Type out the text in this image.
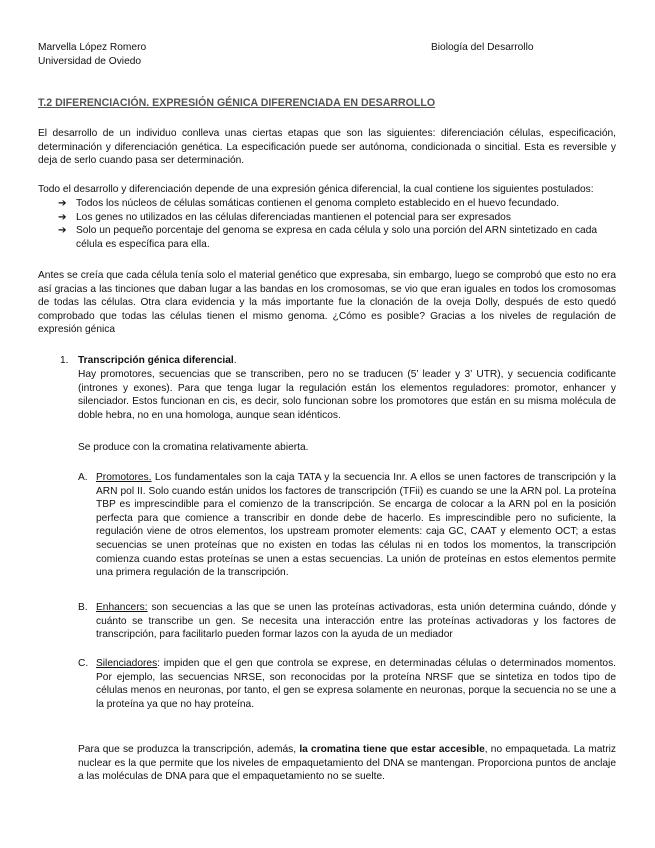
Marvella López Romero
Universidad de Oviedo
Biología del Desarrollo
T.2 DIFERENCIACIÓN. EXPRESIÓN GÉNICA DIFERENCIADA EN DESARROLLO

El desarrollo de un individuo conlleva unas ciertas etapas que son las siguientes: diferenciación células, especificación, determinación y diferenciación genética. La especificación puede ser autónoma, condicionada o sincitial. Esta es reversible y deja de serlo cuando pasa ser determinación.

Todo el desarrollo y diferenciación depende de una expresión génica diferencial, la cual contiene los siguientes postulados:

➔ Todos los núcleos de células somáticas contienen el genoma completo establecido en el huevo fecundado.
➔ Los genes no utilizados en las células diferenciadas mantienen el potencial para ser expresados
➔ Solo un pequeño porcentaje del genoma se expresa en cada célula y solo una porción del ARN sintetizado en cada célula es específica para ella.

Antes se creía que cada célula tenía solo el material genético que expresaba, sin embargo, luego se comprobó que esto no era así gracias a las tinciones que daban lugar a las bandas en los cromosomas, se vio que eran iguales en todos los cromosomas de todas las células. Otra clara evidencia y la más importante fue la clonación de la oveja Dolly, después de esto quedó comprobado que todas las células tienen el mismo genoma. ¿Cómo es posible? Gracias a los niveles de regulación de expresión génica

1. Transcripción génica diferencial.

Hay promotores, secuencias que se transcriben, pero no se traducen (5’ leader y 3’ UTR), y secuencia codificante (intrones y exones). Para que tenga lugar la regulación están los elementos reguladores: promotor, enhancer y silenciador. Estos funcionan en cis, es decir, solo funcionan sobre los promotores que están en su misma molécula de doble hebra, no en una homologa, aunque sean idénticos.

Se produce con la cromatina relativamente abierta.

A. Promotores. Los fundamentales son la caja TATA y la secuencia Inr. A ellos se unen factores de transcripción y la ARN pol II. Solo cuando están unidos los factores de transcripción (TFii) es cuando se une la ARN pol. La proteína TBP es imprescindible para el comienzo de la transcripción. Se encarga de colocar a la ARN pol en la posición perfecta para que comience a transcribir en donde debe de hacerlo. Es imprescindible pero no suficiente, la regulación viene de otros elementos, los upstream promoter elements: caja GC, CAAT y elemento OCT; a estas secuencias se unen proteínas que no existen en todas las células ni en todos los momentos, la transcripción comienza cuando estas proteínas se unen a estas secuencias. La unión de proteínas en estos elementos permite una primera regulación de la transcripción.

B. Enhancers: son secuencias a las que se unen las proteínas activadoras, esta unión determina cuándo, dónde y cuánto se transcribe un gen. Se necesita una interacción entre las proteínas activadoras y los factores de transcripción, para facilitarlo pueden formar lazos con la ayuda de un mediador

C. Silenciadores: impiden que el gen que controla se exprese, en determinadas células o determinados momentos. Por ejemplo, las secuencias NRSE, son reconocidas por la proteína NRSF que se sintetiza en todos tipo de células menos en neuronas, por tanto, el gen se expresa solamente en neuronas, porque la secuencia no se une a la proteína ya que no hay proteína.

Para que se produzca la transcripción, además, la cromatina tiene que estar accesible, no empaquetada. La matriz nuclear es la que permite que los niveles de empaquetamiento del DNA se mantengan. Proporciona puntos de anclaje a las moléculas de DNA para que el empaquetamiento no se suelte.
